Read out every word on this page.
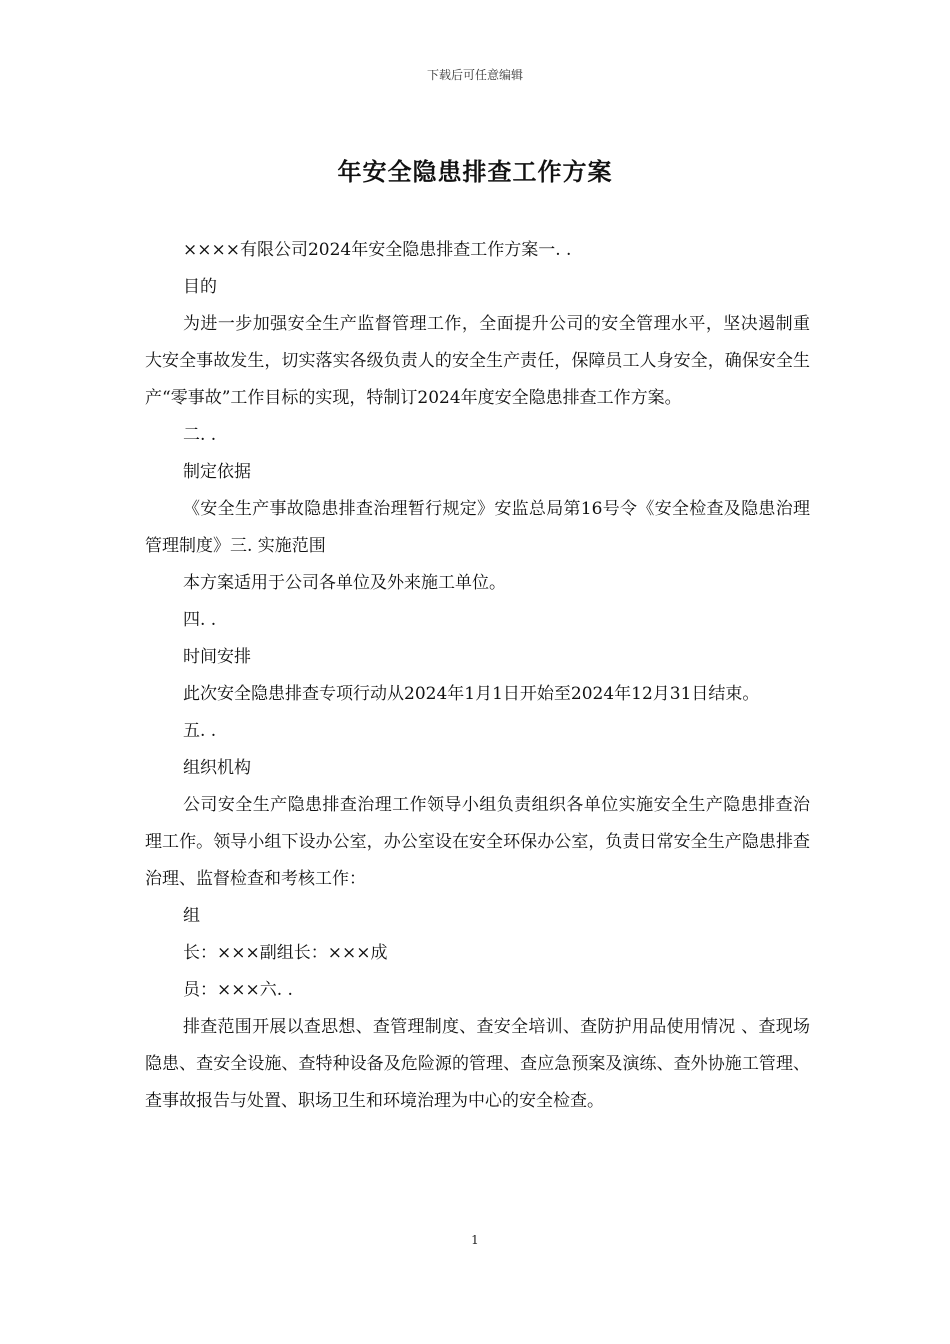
下载后可任意编辑
年安全隐患排查工作方案

××××有限公司2024年安全隐患排查工作方案一. .

目的

为进一步加强安全生产监督管理工作，全面提升公司的安全管理水平，坚决遏制重大安全事故发生，切实落实各级负责人的安全生产责任，保障员工人身安全，确保安全生产“零事故”工作目标的实现，特制订2024年度安全隐患排查工作方案。

二. .

制定依据

《安全生产事故隐患排查治理暂行规定》安监总局第16号令《安全检查及隐患治理管理制度》三. 实施范围

本方案适用于公司各单位及外来施工单位。

四. .

时间安排

此次安全隐患排查专项行动从2024年1月1日开始至2024年12月31日结束。

五. .

组织机构

公司安全生产隐患排查治理工作领导小组负责组织各单位实施安全生产隐患排查治理工作。领导小组下设办公室，办公室设在安全环保办公室，负责日常安全生产隐患排查治理、监督检查和考核工作：

组

长：×××副组长：×××成

员：×××六. .

排查范围开展以查思想、查管理制度、查安全培训、查防护用品使用情况 、查现场隐患、查安全设施、查特种设备及危险源的管理、查应急预案及演练、查外协施工管理、查事故报告与处置、职场卫生和环境治理为中心的安全检查。

1
